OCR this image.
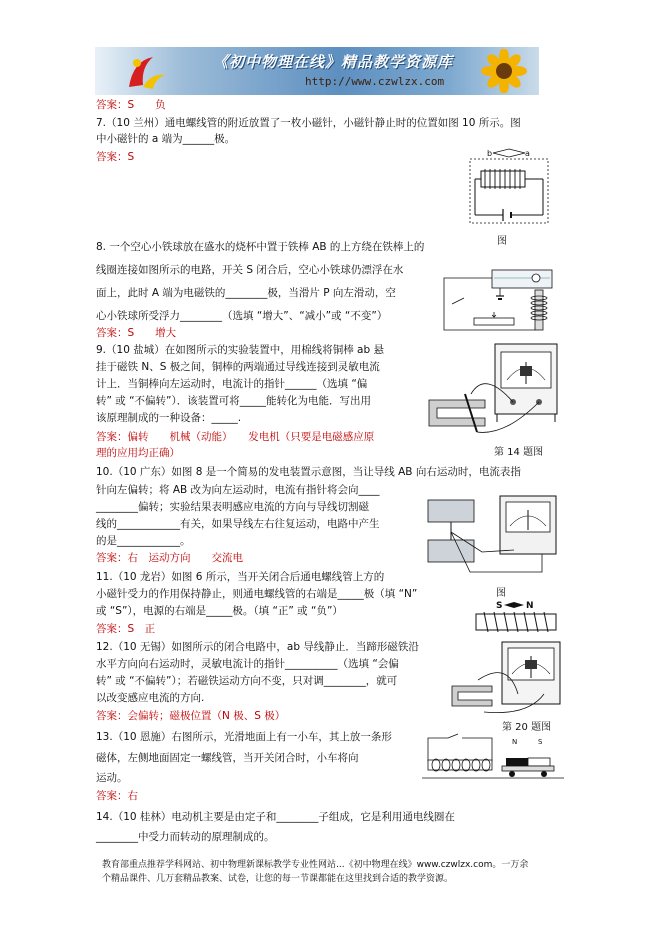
《初中物理在线》精品教学资源库
http://www.czwlzx.com
答案：S　　负
7.（10 兰州）通电螺线管的附近放置了一枚小磁针，小磁针静止时的位置如图 10 所示。图
中小磁针的 a 端为______极。
答案：S
8. 一个空心小铁球放在盛水的烧杯中置于铁棒 AB 的上方绕在铁棒上的
线圈连接如图所示的电路，开关 S 闭合后，空心小铁球仍漂浮在水
面上，此时 A 端为电磁铁的________极，当滑片 P 向左滑动，空
心小铁球所受浮力________（选填 “增大”、“减小”或 “不变”）
答案：S　　增大
9.（10 盐城）在如图所示的实验装置中，用棉线将铜棒 ab 悬
挂于磁铁 N、S 极之间，铜棒的两端通过导线连接到灵敏电流
计上．当铜棒向左运动时，电流计的指针______（选填 “偏
转” 或 “不偏转”）．该装置可将_____能转化为电能．写出用
该原理制成的一种设备：_____.
答案：偏转　　机械（动能）　　发电机（只要是电磁感应原
理的应用均正确）
10.（10 广东）如图 8 是一个简易的发电装置示意图，当让导线 AB 向右运动时，电流表指
针向左偏转；将 AB 改为向左运动时，电流有指针将会向____
________偏转；实验结果表明感应电流的方向与导线切割磁
线的____________有关，如果导线左右往复运动，电路中产生
的是____________。
答案：右　运动方向　　交流电
11.（10 龙岩）如图 6 所示，当开关闭合后通电螺线管上方的
小磁针受力的作用保持静止，则通电螺线管的右端是_____极（填 “N”
或 “S”），电源的右端是_____极。（填 “正” 或 “负”）
答案：S　正
12.（10 无锡）如图所示的闭合电路中，ab 导线静止．当蹄形磁铁沿
水平方向向右运动时，灵敏电流计的指针__________（选填 “会偏
转” 或 “不偏转”）；若磁铁运动方向不变，只对调________，就可
以改变感应电流的方向.
答案：会偏转；磁极位置（N 极、S 极）
13.（10 恩施）右图所示，光滑地面上有一小车，其上放一条形
磁体，左侧地面固定一螺线管，当开关闭合时，小车将向
运动。
答案：右
14.（10 桂林）电动机主要是由定子和________子组成，它是利用通电线圈在
________中受力而转动的原理制成的。
b	a
图
第 14 题图
图
S	N
第 20 题图
N	S
教育部重点推荐学科网站、初中物理新课标教学专业性网站...《初中物理在线》www.czwlzx.com。一万余
个精品课件、几万套精品教案、试卷，让您的每一节课都能在这里找到合适的教学资源。
